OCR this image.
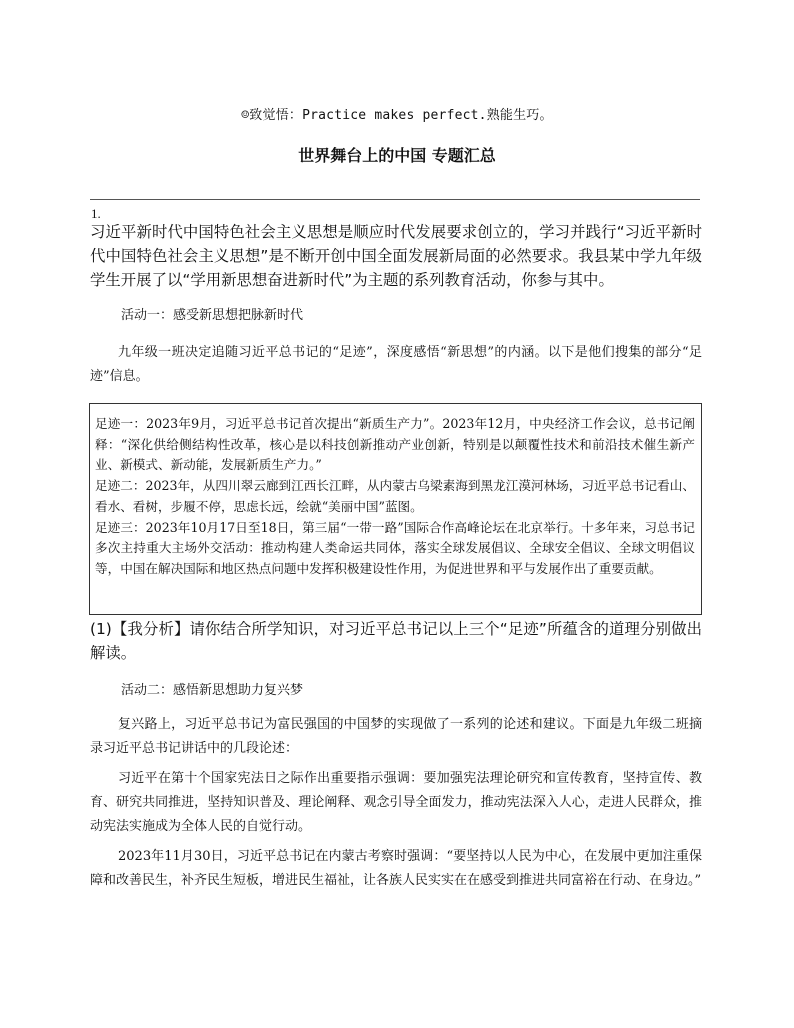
☺致觉悟：Practice makes perfect.熟能生巧。
世界舞台上的中国 专题汇总
1.
习近平新时代中国特色社会主义思想是顺应时代发展要求创立的，学习并践行“习近平新时代中国特色社会主义思想”是不断开创中国全面发展新局面的必然要求。我县某中学九年级学生开展了以“学用新思想奋进新时代”为主题的系列教育活动，你参与其中。
活动一：感受新思想把脉新时代
九年级一班决定追随习近平总书记的“足迹”，深度感悟“新思想”的内涵。以下是他们搜集的部分“足迹”信息。

足迹一：2023年9月，习近平总书记首次提出“新质生产力”。2023年12月，中央经济工作会议，总书记阐释：“深化供给侧结构性改革，核心是以科技创新推动产业创新，特别是以颠覆性技术和前沿技术催生新产业、新模式、新动能，发展新质生产力。”

足迹二：2023年，从四川翠云廊到江西长江畔，从内蒙古乌梁素海到黑龙江漠河林场，习近平总书记看山、看水、看树，步履不停，思虑长远，绘就“美丽中国”蓝图。

足迹三：2023年10月17日至18日，第三届“一带一路”国际合作高峰论坛在北京举行。十多年来，习总书记多次主持重大主场外交活动：推动构建人类命运共同体，落实全球发展倡议、全球安全倡议、全球文明倡议等，中国在解决国际和地区热点问题中发挥积极建设性作用，为促进世界和平与发展作出了重要贡献。

(1)【我分析】请你结合所学知识，对习近平总书记以上三个“足迹”所蕴含的道理分别做出解读。
活动二：感悟新思想助力复兴梦
复兴路上，习近平总书记为富民强国的中国梦的实现做了一系列的论述和建议。下面是九年级二班摘录习近平总书记讲话中的几段论述：
习近平在第十个国家宪法日之际作出重要指示强调：要加强宪法理论研究和宣传教育，坚持宣传、教育、研究共同推进，坚持知识普及、理论阐释、观念引导全面发力，推动宪法深入人心，走进人民群众，推动宪法实施成为全体人民的自觉行动。
2023年11月30日，习近平总书记在内蒙古考察时强调：“要坚持以人民为中心，在发展中更加注重保障和改善民生，补齐民生短板，增进民生福祉，让各族人民实实在在感受到推进共同富裕在行动、在身边。”
